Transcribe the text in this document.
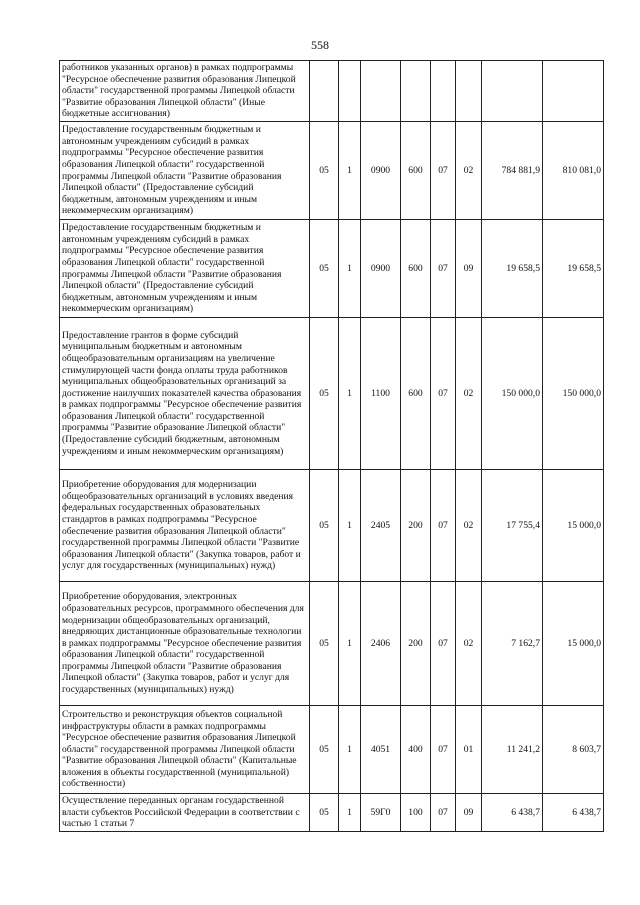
558
работников указанных органов) в рамках подпрограммы "Ресурсное обеспечение развития образования Липецкой области" государственной программы Липецкой области "Развитие образования Липецкой области" (Иные бюджетные ассигнования)								
Предоставление государственным бюджетным и автономным учреждениям субсидий в рамках подпрограммы "Ресурсное обеспечение развития образования Липецкой области" государственной программы Липецкой области "Развитие образования Липецкой области" (Предоставление субсидий бюджетным, автономным учреждениям и иным некоммерческим организациям)	05	1	0900	600	07	02	784 881,9	810 081,0
Предоставление государственным бюджетным и автономным учреждениям субсидий в рамках подпрограммы "Ресурсное обеспечение развития образования Липецкой области" государственной программы Липецкой области "Развитие образования Липецкой области" (Предоставление субсидий бюджетным, автономным учреждениям и иным некоммерческим организациям)	05	1	0900	600	07	09	19 658,5	19 658,5
Предоставление грантов в форме субсидий муниципальным бюджетным и автономным общеобразовательным организациям на увеличение стимулирующей части фонда оплаты труда работников муниципальных общеобразовательных организаций за достижение наилучших показателей качества образования в рамках подпрограммы "Ресурсное обеспечение развития образования Липецкой области" государственной программы "Развитие образование Липецкой области" (Предоставление субсидий бюджетным, автономным учреждениям и иным некоммерческим организациям)	05	1	1100	600	07	02	150 000,0	150 000,0
Приобретение оборудования для модернизации общеобразовательных организаций в условиях введения федеральных государственных образовательных стандартов в рамках подпрограммы "Ресурсное обеспечение развития образования Липецкой области" государственной программы Липецкой области "Развитие образования Липецкой области" (Закупка товаров, работ и услуг для государственных (муниципальных) нужд)	05	1	2405	200	07	02	17 755,4	15 000,0
Приобретение оборудования, электронных образовательных ресурсов, программного обеспечения для модернизации общеобразовательных организаций, внедряющих дистанционные образовательные технологии в рамках подпрограммы "Ресурсное обеспечение развития образования Липецкой области" государственной программы Липецкой области "Развитие образования Липецкой области" (Закупка товаров, работ и услуг для государственных (муниципальных) нужд)	05	1	2406	200	07	02	7 162,7	15 000,0
Строительство и реконструкция объектов социальной инфраструктуры области в рамках подпрограммы "Ресурсное обеспечение развития образования Липецкой области" государственной программы Липецкой области "Развитие образования Липецкой области" (Капитальные вложения в объекты государственной (муниципальной) собственности)	05	1	4051	400	07	01	11 241,2	8 603,7
Осуществление переданных органам государственной власти субъектов Российской Федерации в соответствии с частью 1 статьи 7	05	1	59Г0	100	07	09	6 438,7	6 438,7
